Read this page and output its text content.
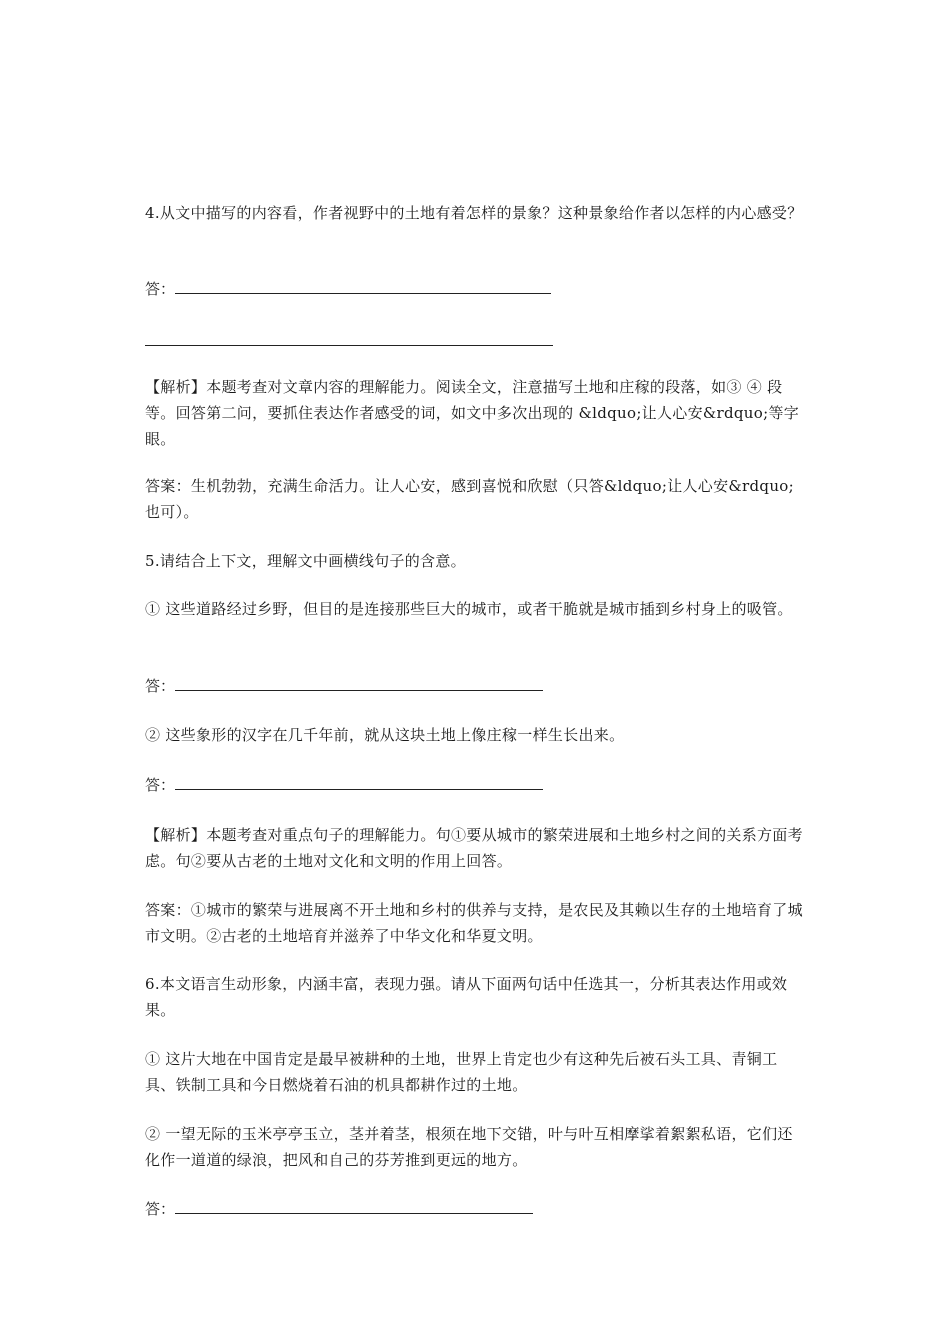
4.从文中描写的内容看，作者视野中的土地有着怎样的景象？这种景象给作者以怎样的内心感受？

答：

【解析】本题考查对文章内容的理解能力。阅读全文，注意描写土地和庄稼的段落，如③ ④ 段等。回答第二问，要抓住表达作者感受的词，如文中多次出现的 &ldquo;让人心安&rdquo;等字眼。

答案：生机勃勃，充满生命活力。让人心安，感到喜悦和欣慰（只答&ldquo;让人心安&rdquo;也可）。

5.请结合上下文，理解文中画横线句子的含意。

① 这些道路经过乡野，但目的是连接那些巨大的城市，或者干脆就是城市插到乡村身上的吸管。

答：

② 这些象形的汉字在几千年前，就从这块土地上像庄稼一样生长出来。

答：

【解析】本题考查对重点句子的理解能力。句①要从城市的繁荣进展和土地乡村之间的关系方面考虑。句②要从古老的土地对文化和文明的作用上回答。

答案：①城市的繁荣与进展离不开土地和乡村的供养与支持，是农民及其赖以生存的土地培育了城市文明。②古老的土地培育并滋养了中华文化和华夏文明。

6.本文语言生动形象，内涵丰富，表现力强。请从下面两句话中任选其一，分析其表达作用或效果。

① 这片大地在中国肯定是最早被耕种的土地，世界上肯定也少有这种先后被石头工具、青铜工具、铁制工具和今日燃烧着石油的机具都耕作过的土地。

② 一望无际的玉米亭亭玉立，茎并着茎，根须在地下交错，叶与叶互相摩挲着絮絮私语，它们还化作一道道的绿浪，把风和自己的芬芳推到更远的地方。

答：
